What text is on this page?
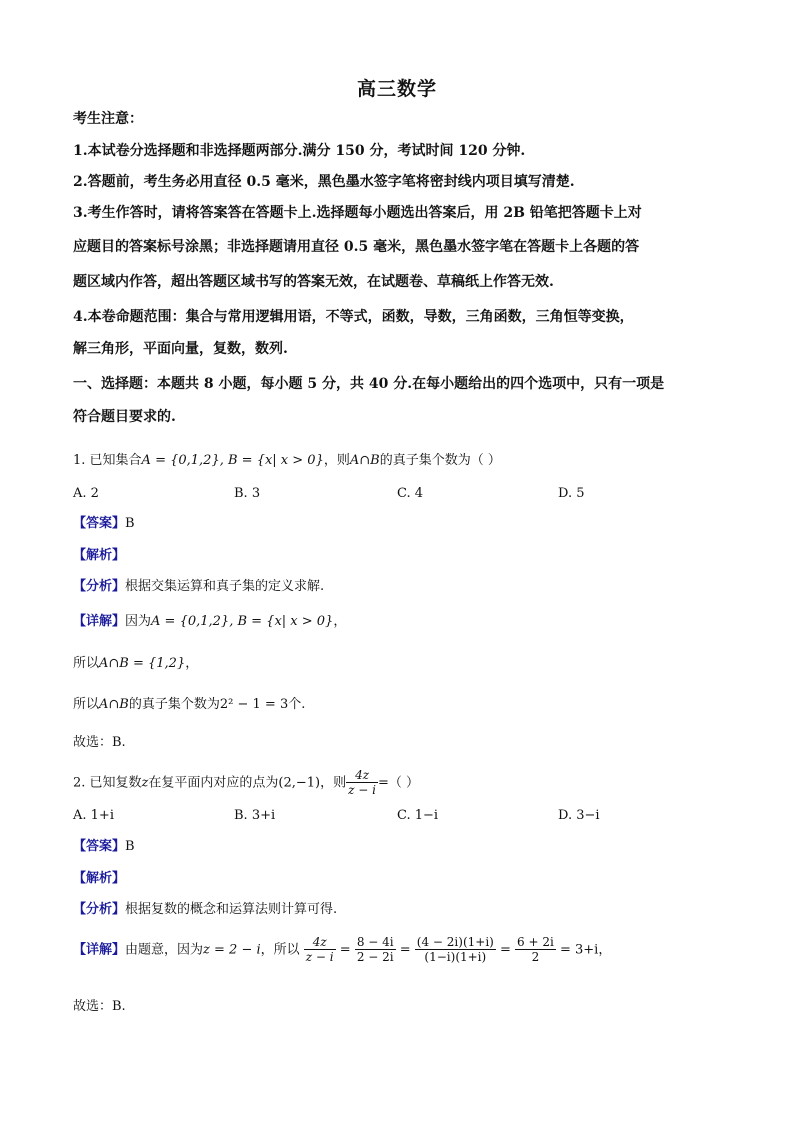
高三数学
考生注意：
1.本试卷分选择题和非选择题两部分.满分 150 分，考试时间 120 分钟.
2.答题前，考生务必用直径 0.5 毫米，黑色墨水签字笔将密封线内项目填写清楚.
3.考生作答时，请将答案答在答题卡上.选择题每小题选出答案后，用 2B 铅笔把答题卡上对
应题目的答案标号涂黑；非选择题请用直径 0.5 毫米，黑色墨水签字笔在答题卡上各题的答
题区域内作答，超出答题区域书写的答案无效，在试题卷、草稿纸上作答无效.
4.本卷命题范围：集合与常用逻辑用语，不等式，函数，导数，三角函数，三角恒等变换，
解三角形，平面向量，复数，数列.
一、选择题：本题共 8 小题，每小题 5 分，共 40 分.在每小题给出的四个选项中，只有一项是
符合题目要求的.
1. 已知集合A = {0,1,2}, B = {x| x > 0}，则A∩B的真子集个数为（ ）
A. 2	B. 3	C. 4	D. 5
【答案】B
【解析】
【分析】根据交集运算和真子集的定义求解.
【详解】因为A = {0,1,2}, B = {x| x > 0}，
所以A∩B = {1,2}，
所以A∩B的真子集个数为2² − 1 = 3个.
故选：B.
2. 已知复数z在复平面内对应的点为(2,−1)，则 $\frac{4z}{z - i}$ =（ ）
A. 1+i	B. 3+i	C. 1−i	D. 3−i
【答案】B
【解析】
【分析】根据复数的概念和运算法则计算可得.
【详解】由题意，因为z = 2 − i，所以 $\frac{4z}{z - i} = \frac{8 - 4i}{2 - 2i} = \frac{(4 - 2i)(1+i)}{(1-i)(1+i)} = \frac{6 + 2i}{2} = 3+i$，
故选：B.
